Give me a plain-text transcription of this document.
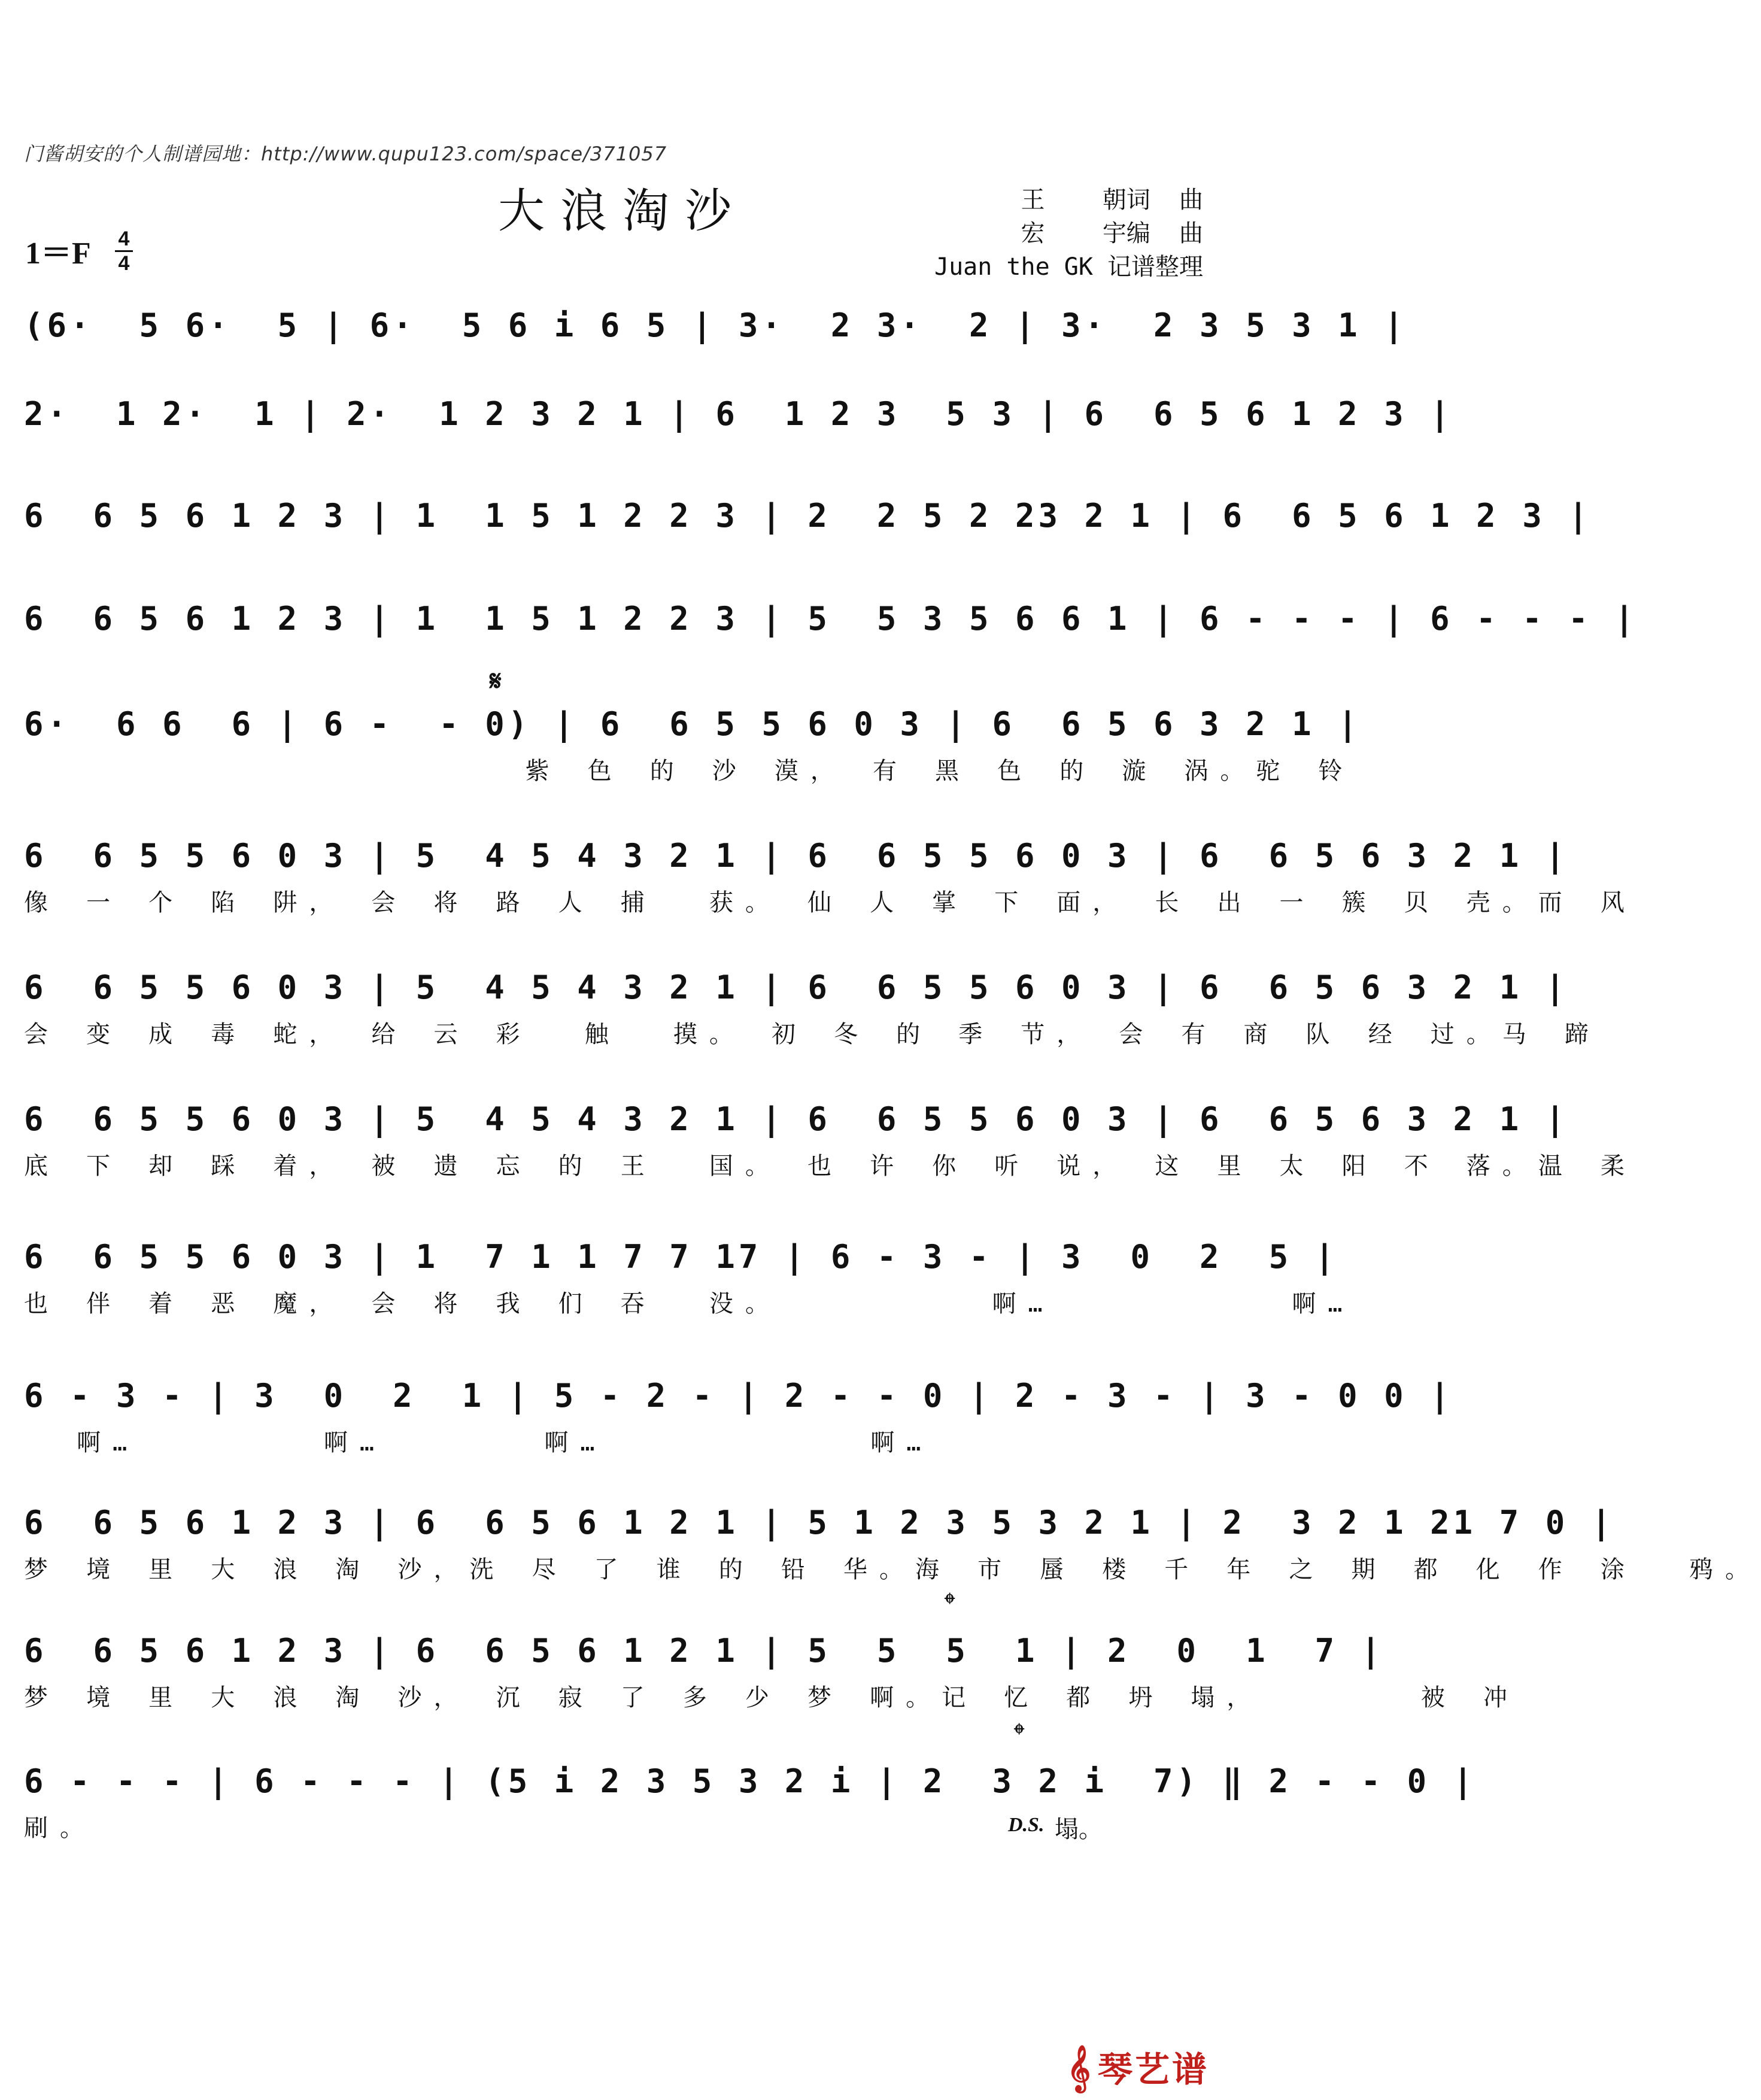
门酱胡安的个人制谱园地：http://www.qupu123.com/space/371057
大浪淘沙	王    朝词  曲
宏    宇编  曲
Juan the GK 记谱整理
1＝F 4
4
(6·  5 6·  5 | 6·  5 6 i 6 5 | 3·  2 3·  2 | 3·  2 3 5 3 1 |
2·  1 2·  1 | 2·  1 2 3 2 1 | 6  1 2 3  5 3 | 6  6 5 6 1 2 3 |
6  6 5 6 1 2 3 | 1  1 5 1 2 2 3 | 2  2 5 2 23 2 1 | 6  6 5 6 1 2 3 |
6  6 5 6 1 2 3 | 1  1 5 1 2 2 3 | 5  5 3 5 6 6 1 | 6 - - - | 6 - - - |
𝄋
6·  6 6  6 | 6 -  - 0) | 6  6 5 5 6 0 3 | 6  6 5 6 3 2 1 |
紫 色 的 沙 漠， 有 黑 色 的 漩 涡。驼 铃
6  6 5 5 6 0 3 | 5  4 5 4 3 2 1 | 6  6 5 5 6 0 3 | 6  6 5 6 3 2 1 |
像 一 个 陷 阱， 会 将 路 人 捕  获。 仙 人 掌 下 面， 长 出 一 簇 贝 壳。而 风
6  6 5 5 6 0 3 | 5  4 5 4 3 2 1 | 6  6 5 5 6 0 3 | 6  6 5 6 3 2 1 |
会 变 成 毒 蛇， 给 云 彩  触  摸。 初 冬 的 季 节， 会 有 商 队 经 过。马 蹄
6  6 5 5 6 0 3 | 5  4 5 4 3 2 1 | 6  6 5 5 6 0 3 | 6  6 5 6 3 2 1 |
底 下 却 踩 着， 被 遗 忘 的 王  国。 也 许 你 听 说， 这 里 太 阳 不 落。温 柔
6  6 5 5 6 0 3 | 1  7 1 1 7 7 17 | 6 - 3 - | 3  0  2  5 |
也 伴 着 恶 魔， 会 将 我 们 吞  没。        啊…         啊…
6 - 3 - | 3  0  2  1 | 5 - 2 - | 2 - - 0 | 2 - 3 - | 3 - 0 0 |
啊…       啊…      啊…          啊…
6  6 5 6 1 2 3 | 6  6 5 6 1 2 1 | 5 1 2 3 5 3 2 1 | 2  3 2 1 21 7 0 |
梦 境 里 大 浪 淘 沙，洗 尽 了 谁 的 铅 华。海 市 蜃 楼 千 年 之 期 都 化 作 涂  鸦。
𝄌
6  6 5 6 1 2 3 | 6  6 5 6 1 2 1 | 5  5  5  1 | 2  0  1  7 |
梦 境 里 大 浪 淘 沙， 沉 寂 了 多 少 梦 啊。记 忆 都 坍 塌，      被 冲
𝄌
6 - - - | 6 - - - | (5 i 2 3 5 3 2 i | 2  3 2 i  7) ‖ 2 - - 0 |
刷。	D.S. 塌。
𝄞 琴艺谱
